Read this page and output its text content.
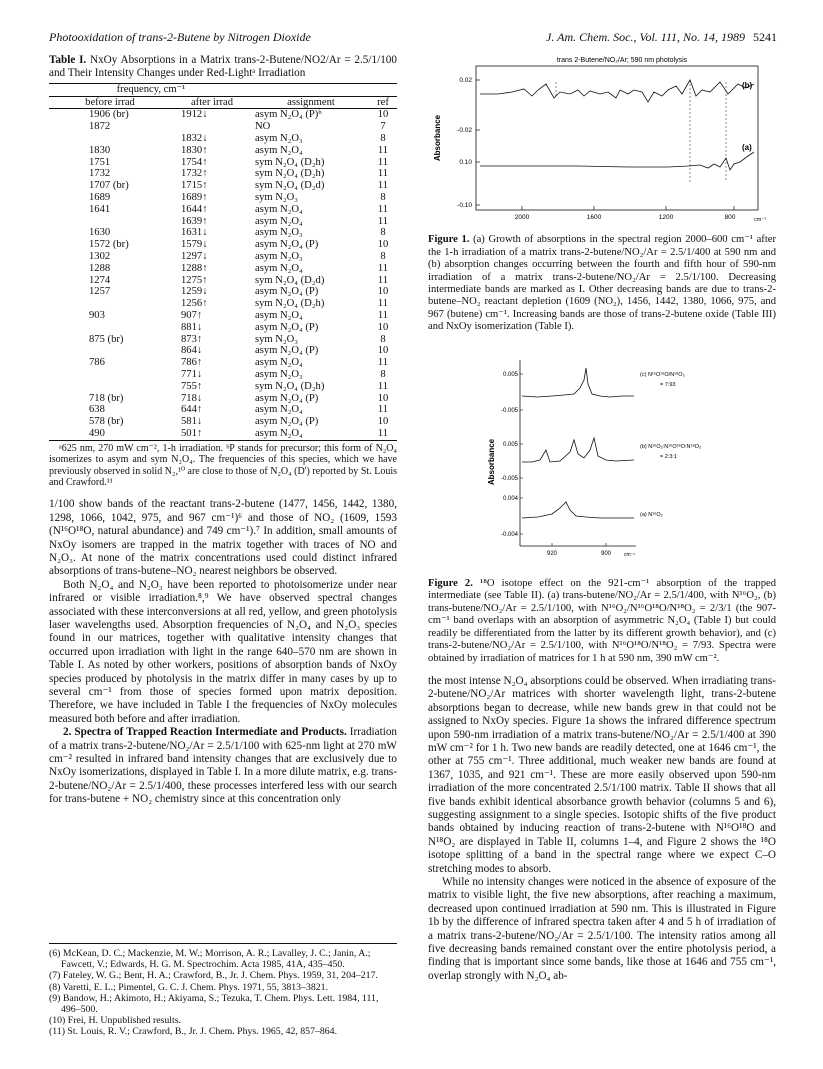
Photooxidation of trans-2-Butene by Nitrogen Dioxide	J. Am. Chem. Soc., Vol. 111, No. 14, 1989 5241

Table I. NxOy Absorptions in a Matrix trans-2-Butene/NO2/Ar = 2.5/1/100 and Their Intensity Changes under Red-Lightᵃ Irradiation

frequency, cm⁻¹			
before irrad	after irrad	assignment	ref
1906 (br)	1912↓	asym N₂O₄ (P)ᵇ	10
1872		NO	7
	1832↓	asym N₂O₃	8
1830	1830↑	asym N₂O₄	11
1751	1754↑	sym N₂O₄ (D₂h)	11
1732	1732↑	sym N₂O₄ (D₂h)	11
1707 (br)	1715↑	sym N₂O₄ (D₂d)	11
1689	1689↑	sym N₂O₃	8
1641	1644↑	asym N₂O₄	11
	1639↑	asym N₂O₄	11
1630	1631↓	asym N₂O₃	8
1572 (br)	1579↓	asym N₂O₄ (P)	10
1302	1297↓	asym N₂O₃	8
1288	1288↑	asym N₂O₄	11
1274	1275↑	sym N₂O₄ (D₂d)	11
1257	1259↓	asym N₂O₄ (P)	10
	1256↑	sym N₂O₄ (D₂h)	11
903	907↑	asym N₂O₄	11
	881↓	asym N₂O₄ (P)	10
875 (br)	873↑	sym N₂O₃	8
	864↓	asym N₂O₄ (P)	10
786	786↑	asym N₂O₄	11
	771↓	asym N₂O₃	8
	755↑	sym N₂O₄ (D₂h)	11
718 (br)	718↓	asym N₂O₄ (P)	10
638	644↑	asym N₂O₄	11
578 (br)	581↓	asym N₂O₄ (P)	10
490	501↑	asym N₂O₄	11

ᵃ625 nm, 270 mW cm⁻², 1-h irradiation. ᵇP stands for precursor; this form of N₂O₄ isomerizes to asym and sym N₂O₄. The frequencies of this species, which we have previously observed in solid N₂,¹⁰ are close to those of N₂O₄ (D') reported by St. Louis and Crawford.¹¹

1/100 show bands of the reactant trans-2-butene (1477, 1456, 1442, 1380, 1298, 1066, 1042, 975, and 967 cm⁻¹)⁶ and those of NO₂ (1609, 1593 (N¹⁶O¹⁸O, natural abundance) and 749 cm⁻¹).⁷ In addition, small amounts of NxOy isomers are trapped in the matrix together with traces of NO and N₂O₃. At none of the matrix concentrations used could distinct infrared absorptions of trans-butene–NO₂ nearest neighbors be observed.

Both N₂O₄ and N₂O₃ have been reported to photoisomerize under near infrared or visible irradiation.⁸,⁹ We have observed spectral changes associated with these interconversions at all red, yellow, and green photolysis laser wavelengths used. Absorption frequencies of N₂O₄ and N₂O₃ species found in our matrices, together with qualitative intensity changes that occurred upon irradiation with light in the range 640–570 nm are shown in Table I. As noted by other workers, positions of absorption bands of NxOy species produced by photolysis in the matrix differ in many cases by up to several cm⁻¹ from those of species formed upon matrix deposition. Therefore, we have included in Table I the frequencies of NxOy molecules measured both before and after irradiation.

2. Spectra of Trapped Reaction Intermediate and Products. Irradiation of a matrix trans-2-butene/NO₂/Ar = 2.5/1/100 with 625-nm light at 270 mW cm⁻² resulted in infrared band intensity changes that are exclusively due to NxOy isomerizations, displayed in Table I. In a more dilute matrix, e.g. trans-2-butene/NO₂/Ar = 2.5/1/400, these processes interfered less with our search for trans-butene + NO₂ chemistry since at this concentration only

(6) McKean, D. C.; Mackenzie, M. W.; Morrison, A. R.; Lavalley, J. C.; Janin, A.; Fawcett, V.; Edwards, H. G. M. Spectrochim. Acta 1985, 41A, 435–450.
(7) Fateley, W. G.; Bent, H. A.; Crawford, B., Jr. J. Chem. Phys. 1959, 31, 204–217.
(8) Varetti, E. L.; Pimentel, G. C. J. Chem. Phys. 1971, 55, 3813–3821.
(9) Bandow, H.; Akimoto, H.; Akiyama, S.; Tezuka, T. Chem. Phys. Lett. 1984, 111, 496–500.
(10) Frei, H. Unpublished results.
(11) St. Louis, R. V.; Crawford, B., Jr. J. Chem. Phys. 1965, 42, 857–864.
trans 2-Butene/NO₂/Ar; 590 nm photolysis
Absorbance
0.02
-0.02
0.10
-0.10
(b)
(a)
2000	1600	1200	800	cm⁻¹

Figure 1. (a) Growth of absorptions in the spectral region 2000–600 cm⁻¹ after the 1-h irradiation of a matrix trans-2-butene/NO₂/Ar = 2.5/1/400 at 590 nm and (b) absorption changes occurring between the fourth and fifth hour of 590-nm irradiation of a matrix trans-2-butene/NO₂/Ar = 2.5/1/100. Decreasing intermediate bands are marked as I. Other decreasing bands are due to trans-2-butene–NO₂ reactant depletion (1609 (NO₂), 1456, 1442, 1380, 1066, 975, and 967 (butene) cm⁻¹. Increasing bands are those of trans-2-butene oxide (Table III) and NxOy isomerization (Table I).

Absorbance
0.005
-0.005
0.005
-0.005
0.004
-0.004
(c) N¹⁶O¹⁶O/N¹⁸O₂
= 7:93
(b) N¹⁶O₂:N¹⁶O¹⁸O:N¹⁸O₂
= 2:3:1
(a) N¹⁶O₂
920	900	cm⁻¹

Figure 2. ¹⁸O isotope effect on the 921-cm⁻¹ absorption of the trapped intermediate (see Table II). (a) trans-butene/NO₂/Ar = 2.5/1/400, with N¹⁶O₂, (b) trans-butene/NO₂/Ar = 2.5/1/100, with N¹⁶O₂/N¹⁶O¹⁸O/N¹⁸O₂ = 2/3/1 (the 907-cm⁻¹ band overlaps with an absorption of asymmetric N₂O₄ (Table I) but could readily be differentiated from the latter by its different growth behavior), and (c) trans-2-butene/NO₂/Ar = 2.5/1/100, with N¹⁶O¹⁸O/N¹⁸O₂ = 7/93. Spectra were obtained by irradiation of matrices for 1 h at 590 nm, 390 mW cm⁻².

the most intense N₂O₄ absorptions could be observed. When irradiating trans-2-butene/NO₂/Ar matrices with shorter wavelength light, trans-2-butene absorptions began to decrease, while new bands grew in that could not be assigned to NxOy species. Figure 1a shows the infrared difference spectrum upon 590-nm irradiation of a matrix trans-butene/NO₂/Ar = 2.5/1/400 at 390 mW cm⁻² for 1 h. Two new bands are readily detected, one at 1646 cm⁻¹, the other at 755 cm⁻¹. Three additional, much weaker new bands are found at 1367, 1035, and 921 cm⁻¹. These are more easily observed upon 590-nm irradiation of the more concentrated 2.5/1/100 matrix. Table II shows that all five bands exhibit identical absorbance growth behavior (columns 5 and 6), suggesting assignment to a single species. Isotopic shifts of the five product bands obtained by inducing reaction of trans-2-butene with N¹⁶O¹⁸O and N¹⁸O₂ are displayed in Table II, columns 1–4, and Figure 2 shows the ¹⁸O isotope splitting of a band in the spectral range where we expect C–O stretching modes to absorb.

While no intensity changes were noticed in the absence of exposure of the matrix to visible light, the five new absorptions, after reaching a maximum, decreased upon continued irradiation at 590 nm. This is illustrated in Figure 1b by the difference of infrared spectra taken after 4 and 5 h of irradiation of a matrix trans-2-butene/NO₂/Ar = 2.5/1/100. The intensity ratios among all five decreasing bands remained constant over the entire photolysis period, a finding that is important since some bands, like those at 1646 and 755 cm⁻¹, overlap strongly with N₂O₄ ab-
